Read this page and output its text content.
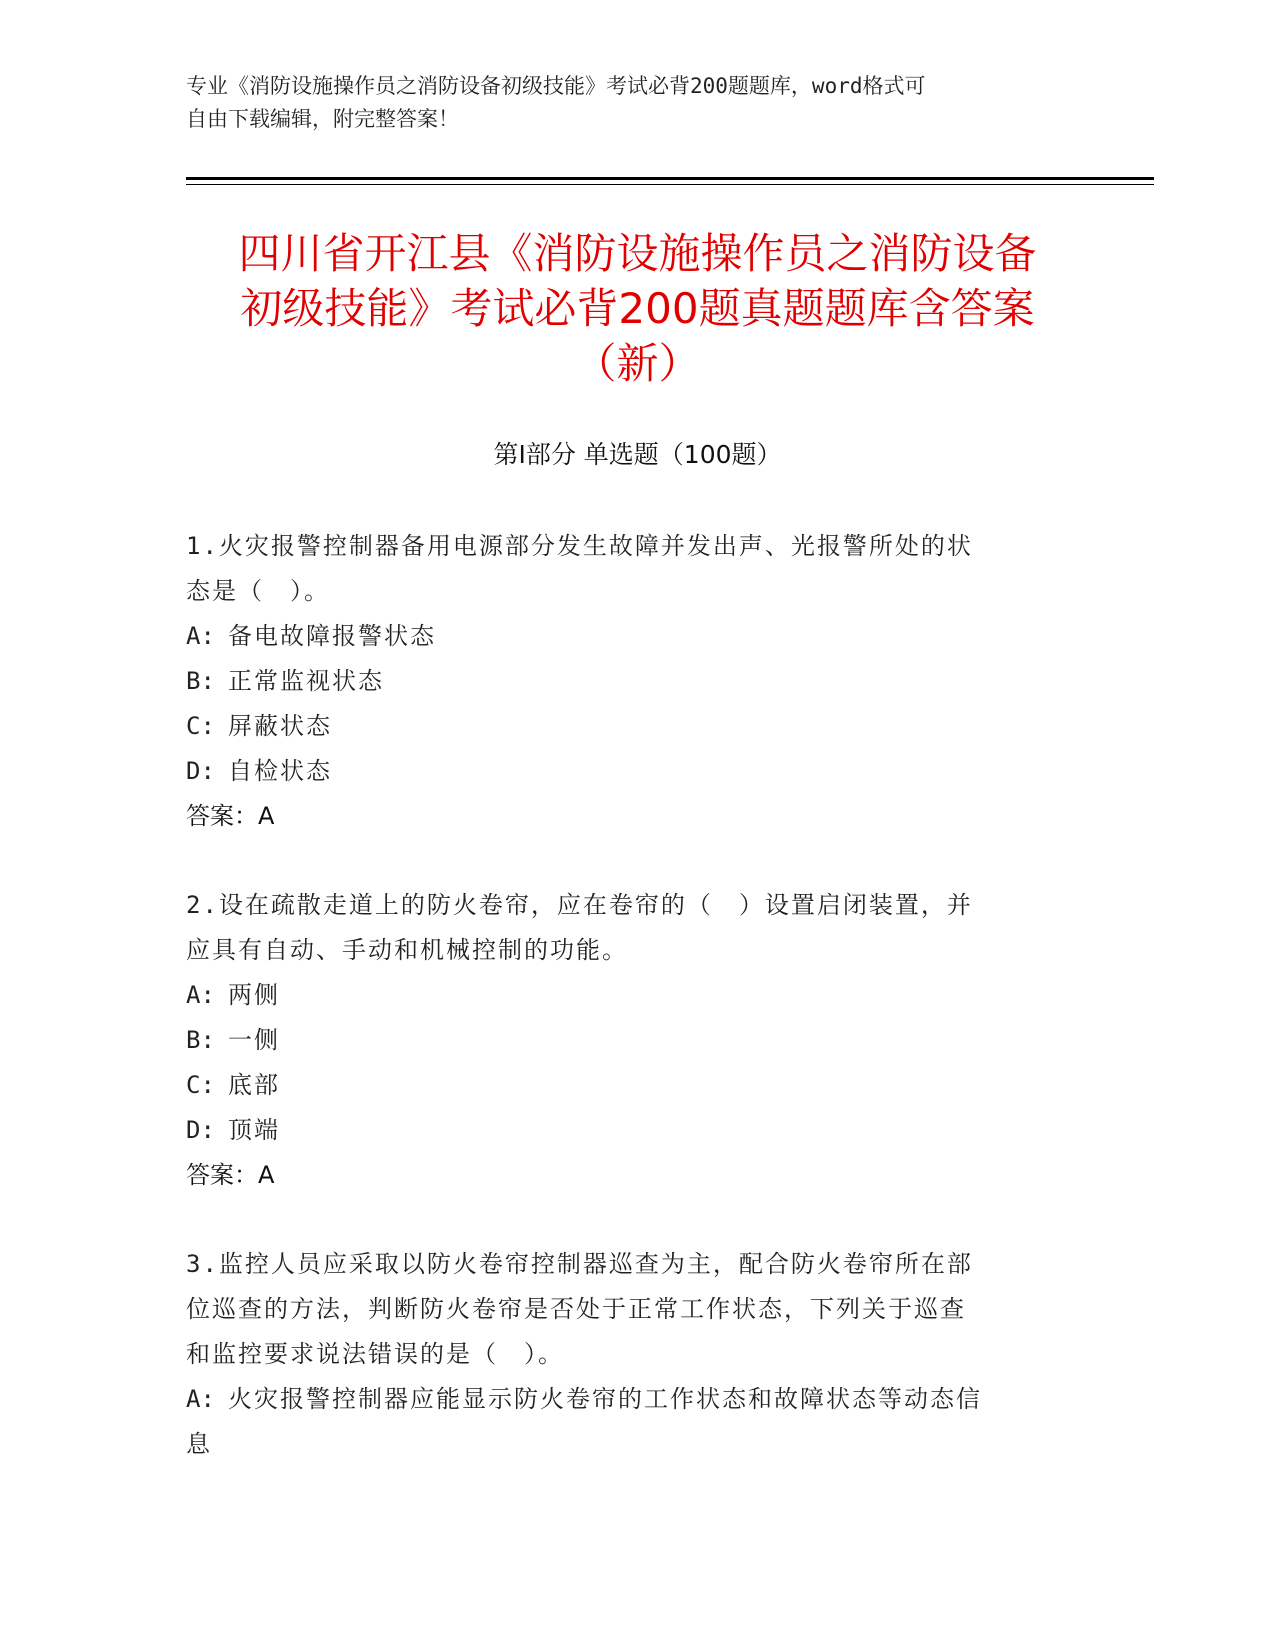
专业《消防设施操作员之消防设备初级技能》考试必背200题题库，word格式可
自由下载编辑，附完整答案！
四川省开江县《消防设施操作员之消防设备
初级技能》考试必背200题真题题库含答案
（新）
第I部分 单选题（100题）
1.火灾报警控制器备用电源部分发生故障并发出声、光报警所处的状
态是（　）。
A: 备电故障报警状态
B: 正常监视状态
C: 屏蔽状态
D: 自检状态
答案：A
2.设在疏散走道上的防火卷帘，应在卷帘的（　）设置启闭装置，并
应具有自动、手动和机械控制的功能。
A: 两侧
B: 一侧
C: 底部
D: 顶端
答案：A
3.监控人员应采取以防火卷帘控制器巡查为主，配合防火卷帘所在部
位巡查的方法，判断防火卷帘是否处于正常工作状态，下列关于巡查
和监控要求说法错误的是（　）。
A: 火灾报警控制器应能显示防火卷帘的工作状态和故障状态等动态信
息
